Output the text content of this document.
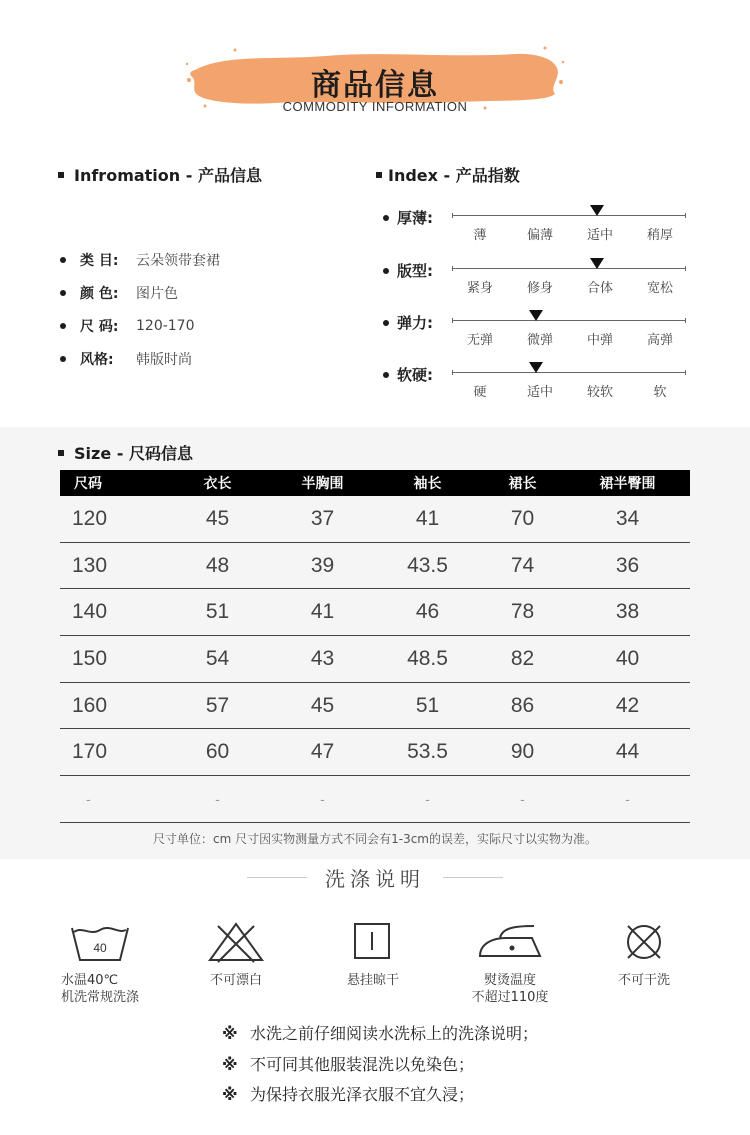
商品信息
COMMODITY INFORMATION
Infromation - 产品信息
类 目:	云朵领带套裙
颜 色:	图片色
尺 码:	120-170
风格:	韩版时尚
Index - 产品指数
厚薄:
薄	偏薄	适中	稍厚
版型:
紧身	修身	合体	宽松
弹力:
无弹	微弹	中弹	高弹
软硬:
硬	适中	较软	软
Size - 尺码信息
尺码	衣长	半胸围	袖长	裙长	裙半臀围
120	45	37	41	70	34
130	48	39	43.5	74	36
140	51	41	46	78	38
150	54	43	48.5	82	40
160	57	45	51	86	42
170	60	47	53.5	90	44
-	-	-	-	-	-
尺寸单位：cm 尺寸因实物测量方式不同会有1-3cm的误差，实际尺寸以实物为准。
洗涤说明
40
水温40℃
机洗常规洗涤
不可漂白	悬挂晾干	熨烫温度
不超过110度
不可干洗
※ 水洗之前仔细阅读水洗标上的洗涤说明；
※ 不可同其他服装混洗以免染色；
※ 为保持衣服光泽衣服不宜久浸；
